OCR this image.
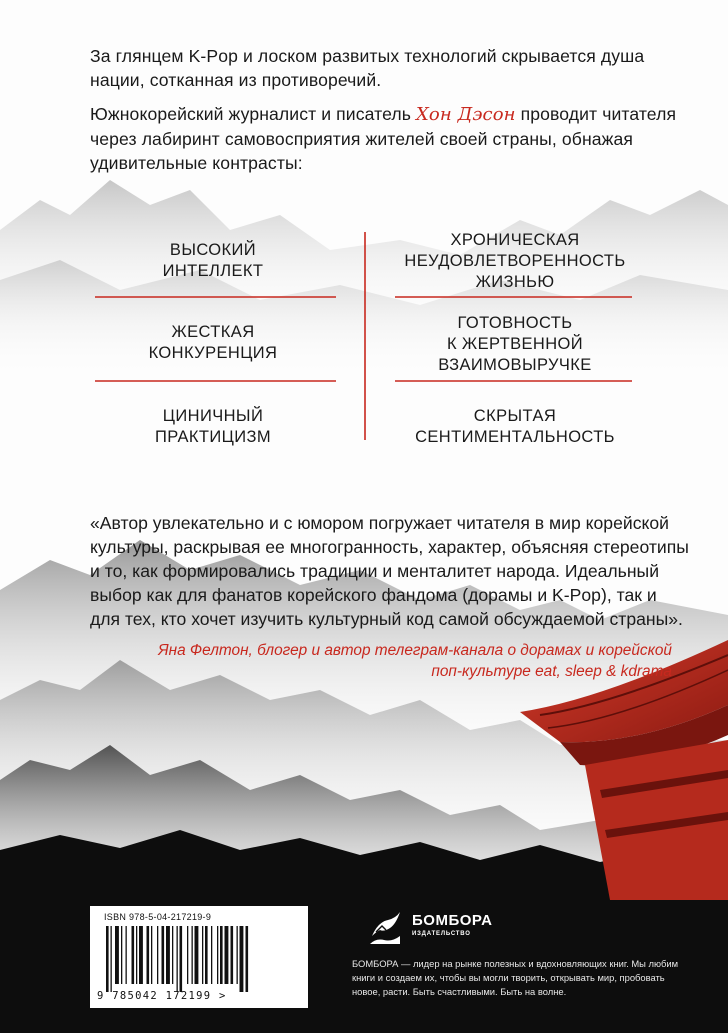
За глянцем K-Pop и лоском развитых технологий скрывается душа нации, сотканная из противоречий.

Южнокорейский журналист и писатель Хон Дэсон проводит читателя через лабиринт самовосприятия жителей своей страны, обнажая удивительные контрасты:

ВЫСОКИЙ
ИНТЕЛЛЕКТ
ЖЕСТКАЯ
КОНКУРЕНЦИЯ
ЦИНИЧНЫЙ
ПРАКТИЦИЗМ
ХРОНИЧЕСКАЯ
НЕУДОВЛЕТВОРЕННОСТЬ
ЖИЗНЬЮ
ГОТОВНОСТЬ
К ЖЕРТВЕННОЙ
ВЗАИМОВЫРУЧКЕ
СКРЫТАЯ
СЕНТИМЕНТАЛЬНОСТЬ

«Автор увлекательно и с юмором погружает читателя в мир корейской культуры, раскрывая ее многогранность, характер, объясняя стереотипы и то, как формировались традиции и менталитет народа. Идеальный выбор как для фанатов корейского фандома (дорамы и K-Pop), так и для тех, кто хочет изучить культурный код самой обсуждаемой страны».

Яна Фелтон, блогер и автор телеграм-канала о дорамах и корейской поп-культуре eat, sleep & kdrama
ISBN 978-5-04-217219-9
9 785042 172199 >
БОМБОРА
ИЗДАТЕЛЬСТВО
БОМБОРА — лидер на рынке полезных и вдохновляющих книг. Мы любим книги и создаем их, чтобы вы могли творить, открывать мир, пробовать новое, расти. Быть счастливыми. Быть на волне.
